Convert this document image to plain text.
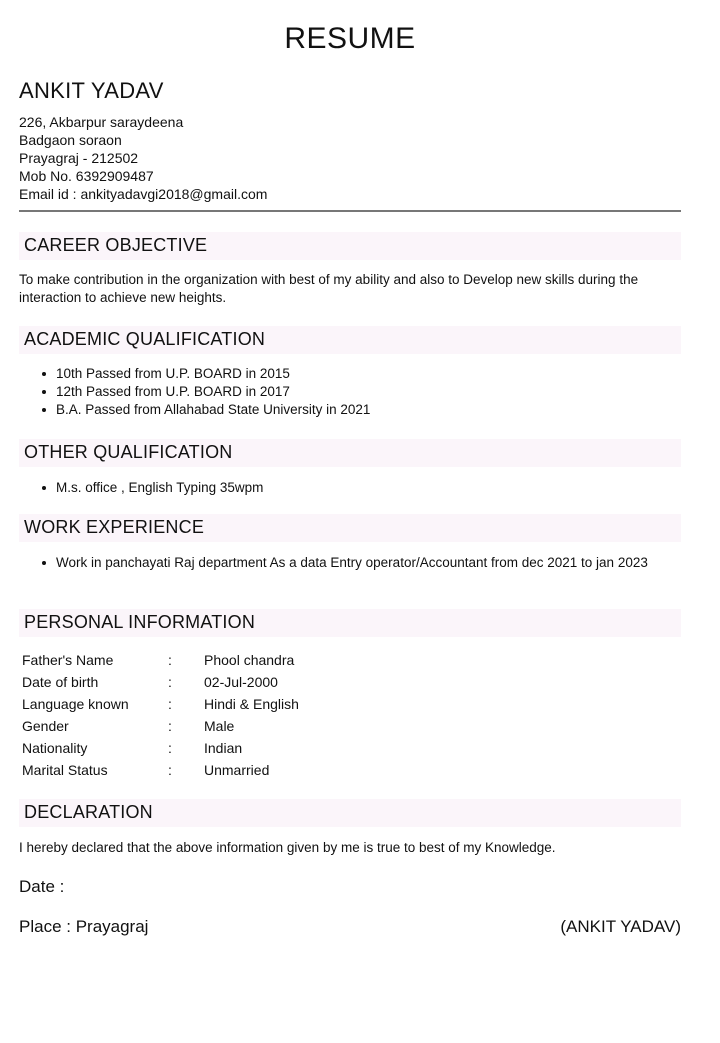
RESUME
ANKIT YADAV
226, Akbarpur saraydeena
Badgaon soraon
Prayagraj - 212502
Mob No. 6392909487
Email id : ankityadavgi2018@gmail.com
CAREER OBJECTIVE
To make contribution in the organization with best of my ability and also to Develop new skills during the interaction to achieve new heights.
ACADEMIC QUALIFICATION
10th Passed from U.P. BOARD in 2015
12th Passed from U.P. BOARD in 2017
B.A. Passed from Allahabad State University in 2021
OTHER QUALIFICATION
M.s. office , English Typing 35wpm
WORK EXPERIENCE
Work in panchayati Raj department As a data Entry operator/Accountant from dec 2021 to jan 2023
PERSONAL INFORMATION
Father's Name	:	Phool chandra
Date of birth	:	02-Jul-2000
Language known	:	Hindi & English
Gender	:	Male
Nationality	:	Indian
Marital Status	:	Unmarried
DECLARATION
I hereby declared that the above information given by me is true to best of my Knowledge.
Date :
Place : Prayagraj	(ANKIT YADAV)
